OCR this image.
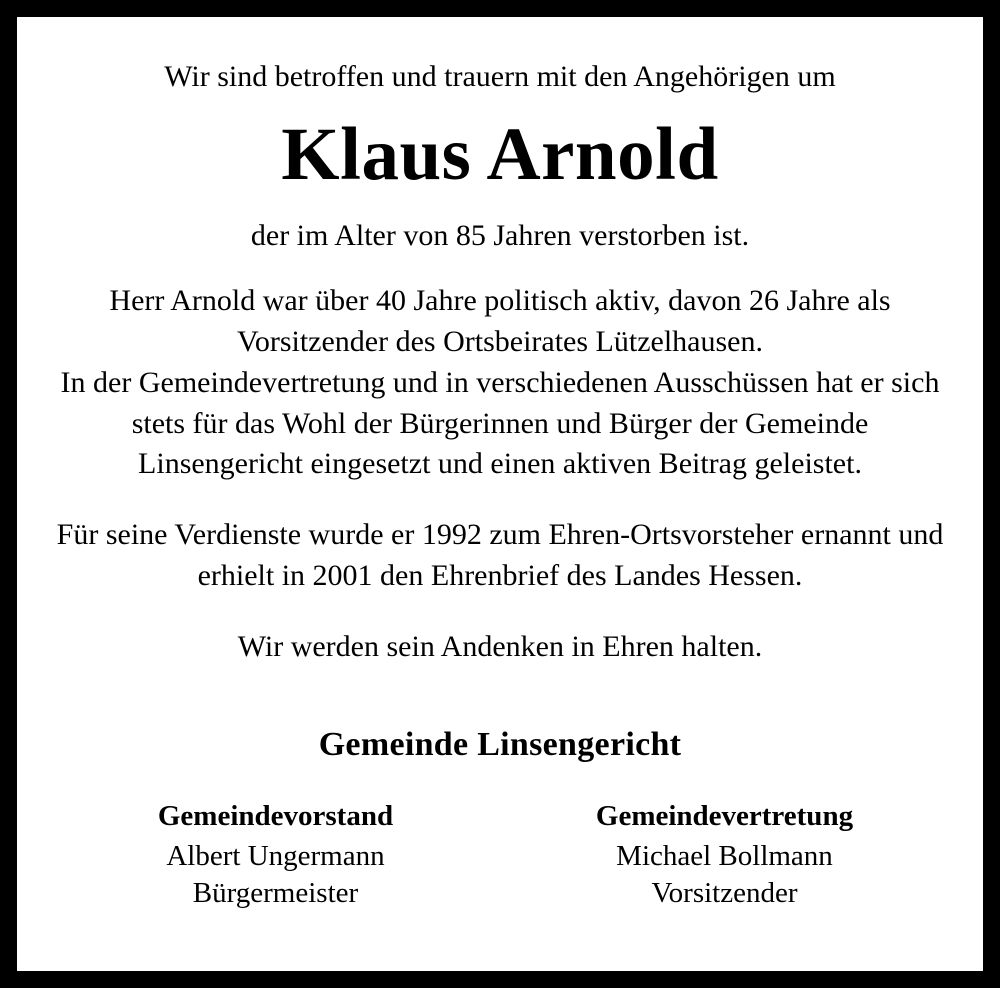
Wir sind betroffen und trauern mit den Angehörigen um
Klaus Arnold
der im Alter von 85 Jahren verstorben ist.
Herr Arnold war über 40 Jahre politisch aktiv, davon 26 Jahre als Vorsitzender des Ortsbeirates Lützelhausen.
In der Gemeindevertretung und in verschiedenen Ausschüssen hat er sich stets für das Wohl der Bürgerinnen und Bürger der Gemeinde Linsengericht eingesetzt und einen aktiven Beitrag geleistet.
Für seine Verdienste wurde er 1992 zum Ehren-Ortsvorsteher ernannt und erhielt in 2001 den Ehrenbrief des Landes Hessen.
Wir werden sein Andenken in Ehren halten.
Gemeinde Linsengericht
Gemeindevorstand
Albert Ungermann
Bürgermeister
Gemeindevertretung
Michael Bollmann
Vorsitzender
